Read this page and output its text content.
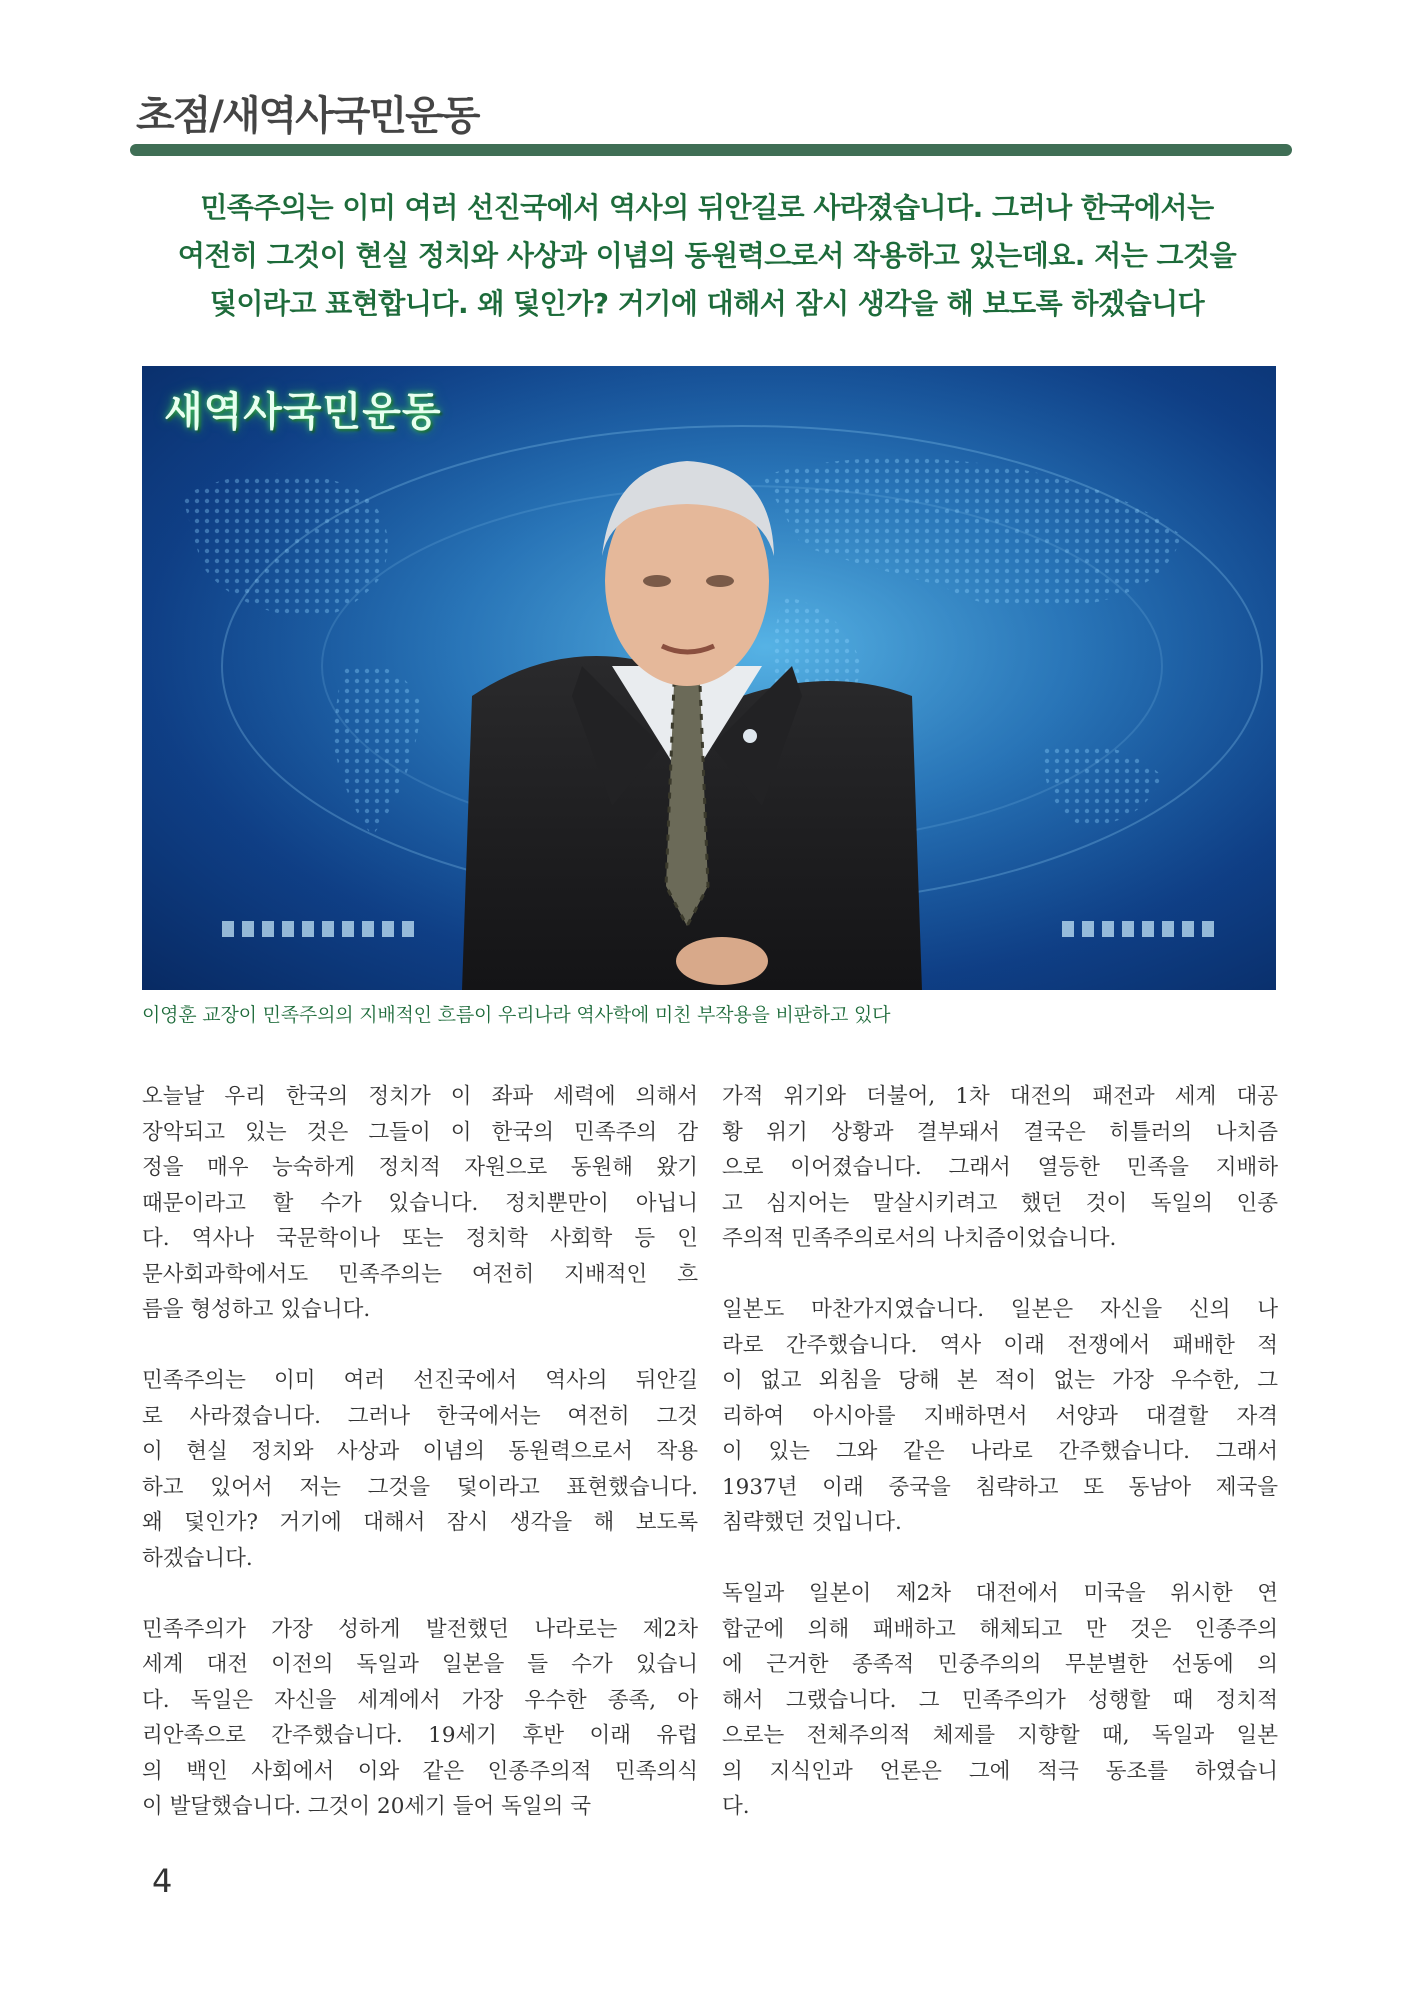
초점/새역사국민운동
민족주의는 이미 여러 선진국에서 역사의 뒤안길로 사라졌습니다. 그러나 한국에서는
여전히 그것이 현실 정치와 사상과 이념의 동원력으로서 작용하고 있는데요. 저는 그것을
덫이라고 표현합니다. 왜 덫인가? 거기에 대해서 잠시 생각을 해 보도록 하겠습니다
새역사국민운동
이영훈 교장이 민족주의의 지배적인 흐름이 우리나라 역사학에 미친 부작용을 비판하고 있다
오늘날 우리 한국의 정치가 이 좌파 세력에 의해서
장악되고 있는 것은 그들이 이 한국의 민족주의 감
정을 매우 능숙하게 정치적 자원으로 동원해 왔기
때문이라고 할 수가 있습니다. 정치뿐만이 아닙니
다. 역사나 국문학이나 또는 정치학 사회학 등 인
문사회과학에서도 민족주의는 여전히 지배적인 흐
름을 형성하고 있습니다.
민족주의는 이미 여러 선진국에서 역사의 뒤안길
로 사라졌습니다. 그러나 한국에서는 여전히 그것
이 현실 정치와 사상과 이념의 동원력으로서 작용
하고 있어서 저는 그것을 덫이라고 표현했습니다.
왜 덫인가? 거기에 대해서 잠시 생각을 해 보도록
하겠습니다.
민족주의가 가장 성하게 발전했던 나라로는 제2차
세계 대전 이전의 독일과 일본을 들 수가 있습니
다. 독일은 자신을 세계에서 가장 우수한 종족, 아
리안족으로 간주했습니다. 19세기 후반 이래 유럽
의 백인 사회에서 이와 같은 인종주의적 민족의식
이 발달했습니다. 그것이 20세기 들어 독일의 국
가적 위기와 더불어, 1차 대전의 패전과 세계 대공
황 위기 상황과 결부돼서 결국은 히틀러의 나치즘
으로 이어졌습니다. 그래서 열등한 민족을 지배하
고 심지어는 말살시키려고 했던 것이 독일의 인종
주의적 민족주의로서의 나치즘이었습니다.
일본도 마찬가지였습니다. 일본은 자신을 신의 나
라로 간주했습니다. 역사 이래 전쟁에서 패배한 적
이 없고 외침을 당해 본 적이 없는 가장 우수한, 그
리하여 아시아를 지배하면서 서양과 대결할 자격
이 있는 그와 같은 나라로 간주했습니다. 그래서
1937년 이래 중국을 침략하고 또 동남아 제국을
침략했던 것입니다.
독일과 일본이 제2차 대전에서 미국을 위시한 연
합군에 의해 패배하고 해체되고 만 것은 인종주의
에 근거한 종족적 민중주의의 무분별한 선동에 의
해서 그랬습니다. 그 민족주의가 성행할 때 정치적
으로는 전체주의적 체제를 지향할 때, 독일과 일본
의 지식인과 언론은 그에 적극 동조를 하였습니
다.
4
